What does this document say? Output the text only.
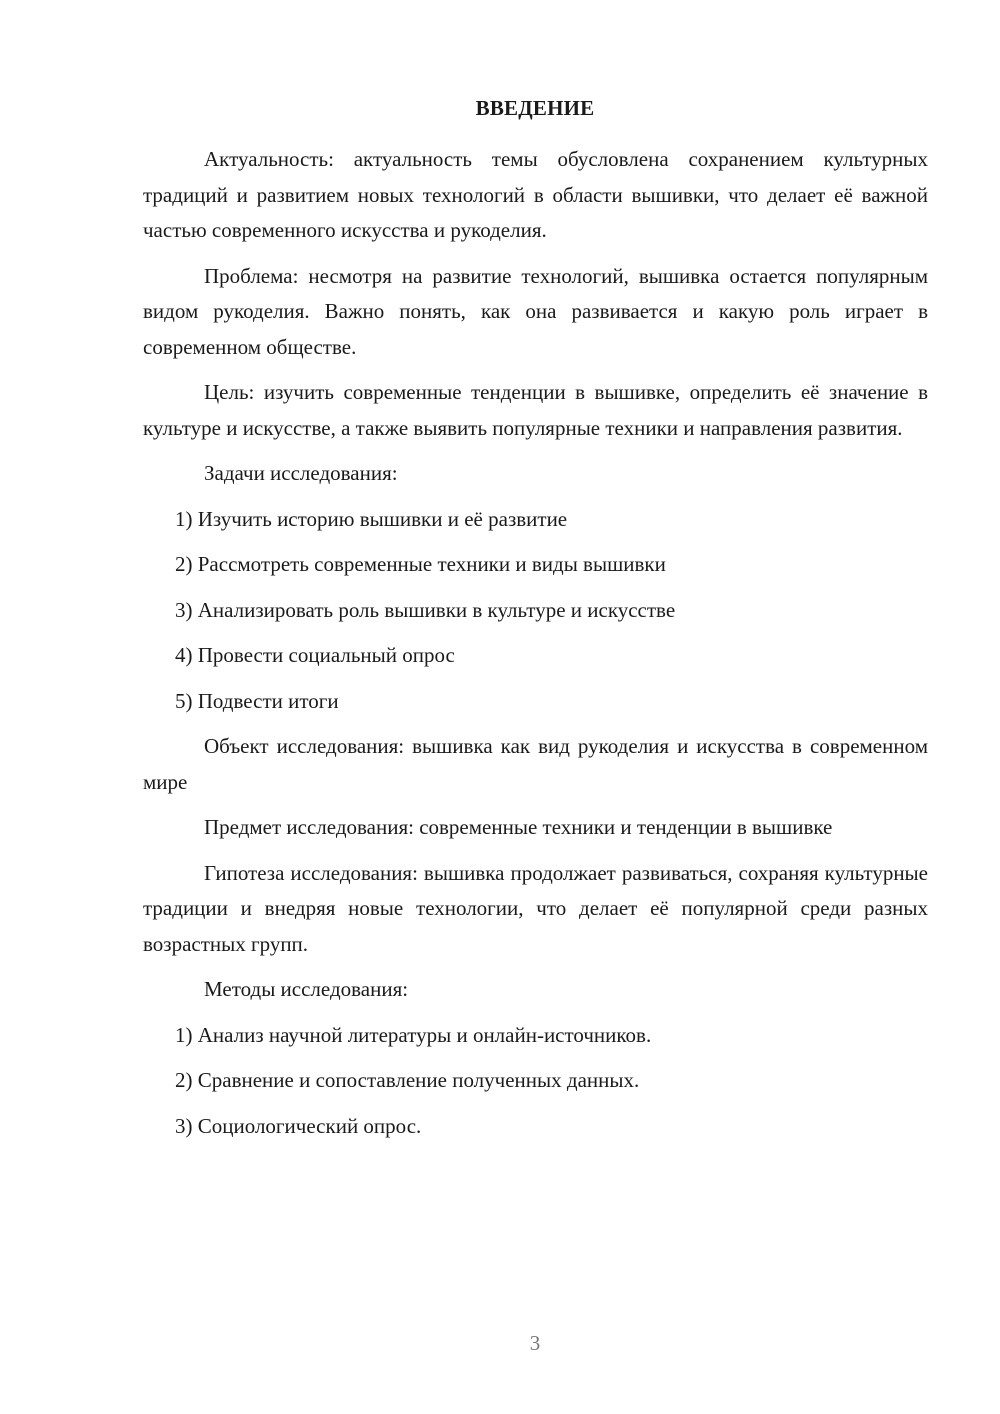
ВВЕДЕНИЕ

Актуальность: актуальность темы обусловлена сохранением культурных традиций и развитием новых технологий в области вышивки, что делает её важной частью современного искусства и рукоделия.

Проблема: несмотря на развитие технологий, вышивка остается популярным видом рукоделия. Важно понять, как она развивается и какую роль играет в современном обществе.

Цель: изучить современные тенденции в вышивке, определить её значение в культуре и искусстве, а также выявить популярные техники и направления развития.

Задачи исследования:

1) Изучить историю вышивки и её развитие

2) Рассмотреть современные техники и виды вышивки

3) Анализировать роль вышивки в культуре и искусстве

4) Провести социальный опрос

5) Подвести итоги

Объект исследования: вышивка как вид рукоделия и искусства в современном мире

Предмет исследования: современные техники и тенденции в вышивке

Гипотеза исследования: вышивка продолжает развиваться, сохраняя культурные традиции и внедряя новые технологии, что делает её популярной среди разных возрастных групп.

Методы исследования:

1) Анализ научной литературы и онлайн-источников.

2) Сравнение и сопоставление полученных данных.

3) Социологический опрос.

3
